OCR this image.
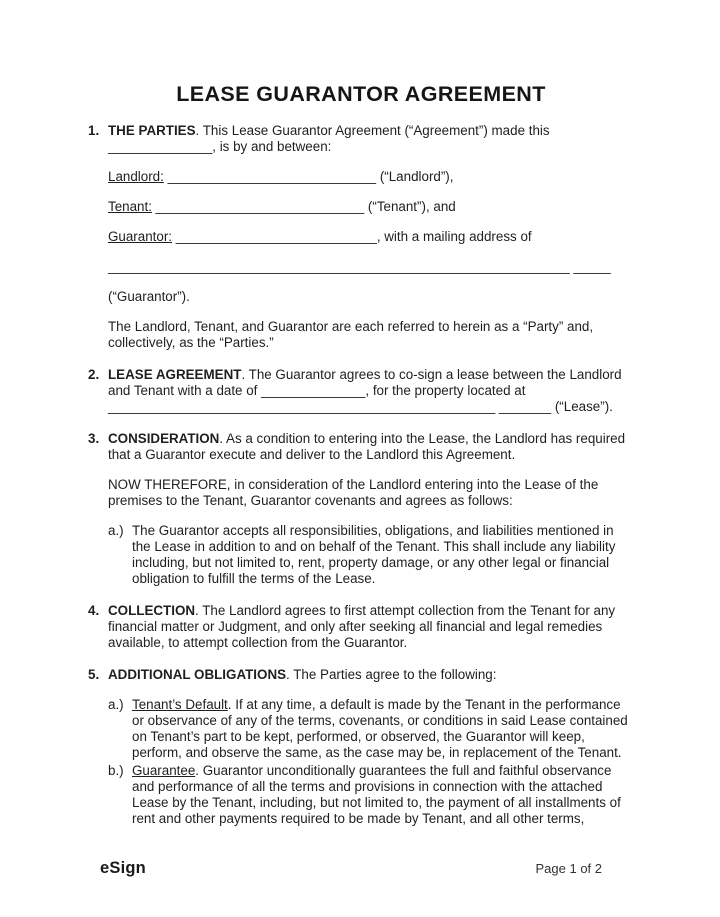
LEASE GUARANTOR AGREEMENT
1. THE PARTIES. This Lease Guarantor Agreement (“Agreement”) made this ______________, is by and between:

Landlord: ____________________________ (“Landlord”),

Tenant: ____________________________ (“Tenant”), and

Guarantor: ___________________________, with a mailing address of

______________________________________________________________ _____

(“Guarantor”).

The Landlord, Tenant, and Guarantor are each referred to herein as a “Party” and, collectively, as the “Parties.”

2. LEASE AGREEMENT. The Guarantor agrees to co-sign a lease between the Landlord and Tenant with a date of ______________, for the property located at

____________________________________________________ _______ (“Lease”).

3. CONSIDERATION. As a condition to entering into the Lease, the Landlord has required that a Guarantor execute and deliver to the Landlord this Agreement.

NOW THEREFORE, in consideration of the Landlord entering into the Lease of the premises to the Tenant, Guarantor covenants and agrees as follows:

a.) The Guarantor accepts all responsibilities, obligations, and liabilities mentioned in the Lease in addition to and on behalf of the Tenant. This shall include any liability including, but not limited to, rent, property damage, or any other legal or financial obligation to fulfill the terms of the Lease.
4. COLLECTION. The Landlord agrees to first attempt collection from the Tenant for any financial matter or Judgment, and only after seeking all financial and legal remedies available, to attempt collection from the Guarantor.

5. ADDITIONAL OBLIGATIONS. The Parties agree to the following:

a.) Tenant’s Default. If at any time, a default is made by the Tenant in the performance or observance of any of the terms, covenants, or conditions in said Lease contained on Tenant’s part to be kept, performed, or observed, the Guarantor will keep, perform, and observe the same, as the case may be, in replacement of the Tenant.
b.) Guarantee. Guarantor unconditionally guarantees the full and faithful observance and performance of all the terms and provisions in connection with the attached Lease by the Tenant, including, but not limited to, the payment of all installments of rent and other payments required to be made by Tenant, and all other terms,
eSign	Page 1 of 2
